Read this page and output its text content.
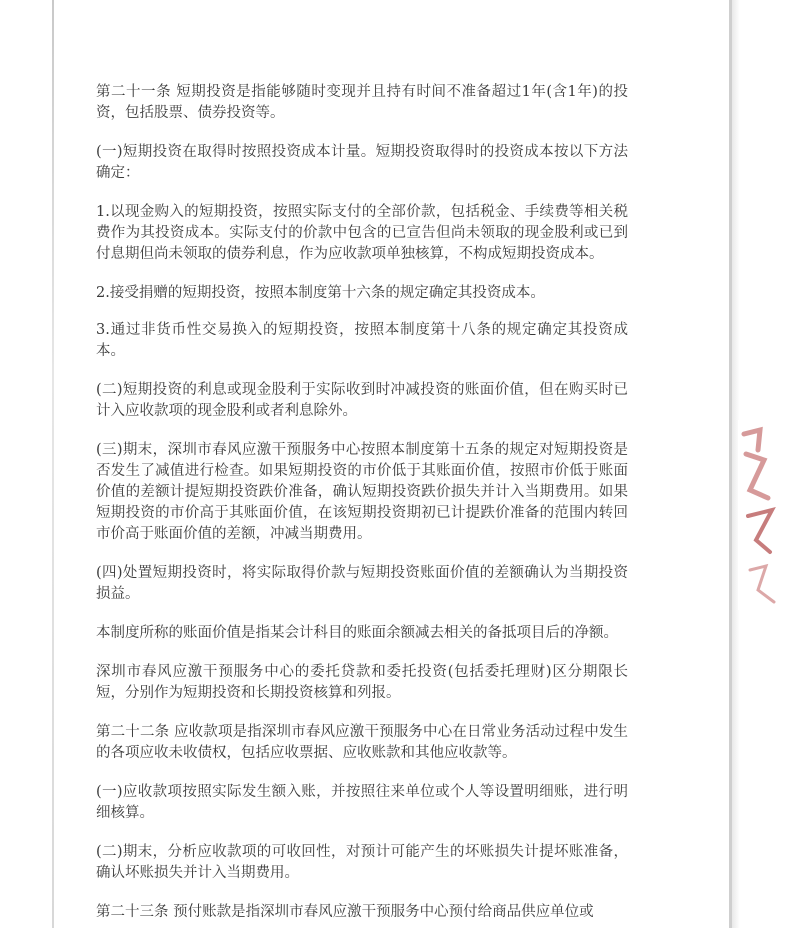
第二十一条 短期投资是指能够随时变现并且持有时间不准备超过1年(含1年)的投资，包括股票、债券投资等。

(一)短期投资在取得时按照投资成本计量。短期投资取得时的投资成本按以下方法确定：

1.以现金购入的短期投资，按照实际支付的全部价款，包括税金、手续费等相关税费作为其投资成本。实际支付的价款中包含的已宣告但尚未领取的现金股利或已到付息期但尚未领取的债券利息，作为应收款项单独核算，不构成短期投资成本。

2.接受捐赠的短期投资，按照本制度第十六条的规定确定其投资成本。

3.通过非货币性交易换入的短期投资，按照本制度第十八条的规定确定其投资成本。

(二)短期投资的利息或现金股利于实际收到时冲减投资的账面价值，但在购买时已计入应收款项的现金股利或者利息除外。

(三)期末，深圳市春风应激干预服务中心按照本制度第十五条的规定对短期投资是否发生了减值进行检查。如果短期投资的市价低于其账面价值，按照市价低于账面价值的差额计提短期投资跌价准备，确认短期投资跌价损失并计入当期费用。如果短期投资的市价高于其账面价值，在该短期投资期初已计提跌价准备的范围内转回市价高于账面价值的差额，冲减当期费用。

(四)处置短期投资时，将实际取得价款与短期投资账面价值的差额确认为当期投资损益。

本制度所称的账面价值是指某会计科目的账面余额减去相关的备抵项目后的净额。

深圳市春风应激干预服务中心的委托贷款和委托投资(包括委托理财)区分期限长短，分别作为短期投资和长期投资核算和列报。

第二十二条 应收款项是指深圳市春风应激干预服务中心在日常业务活动过程中发生的各项应收未收债权，包括应收票据、应收账款和其他应收款等。

(一)应收款项按照实际发生额入账，并按照往来单位或个人等设置明细账，进行明细核算。

(二)期末，分析应收款项的可收回性，对预计可能产生的坏账损失计提坏账准备，确认坏账损失并计入当期费用。

第二十三条 预付账款是指深圳市春风应激干预服务中心预付给商品供应单位或
